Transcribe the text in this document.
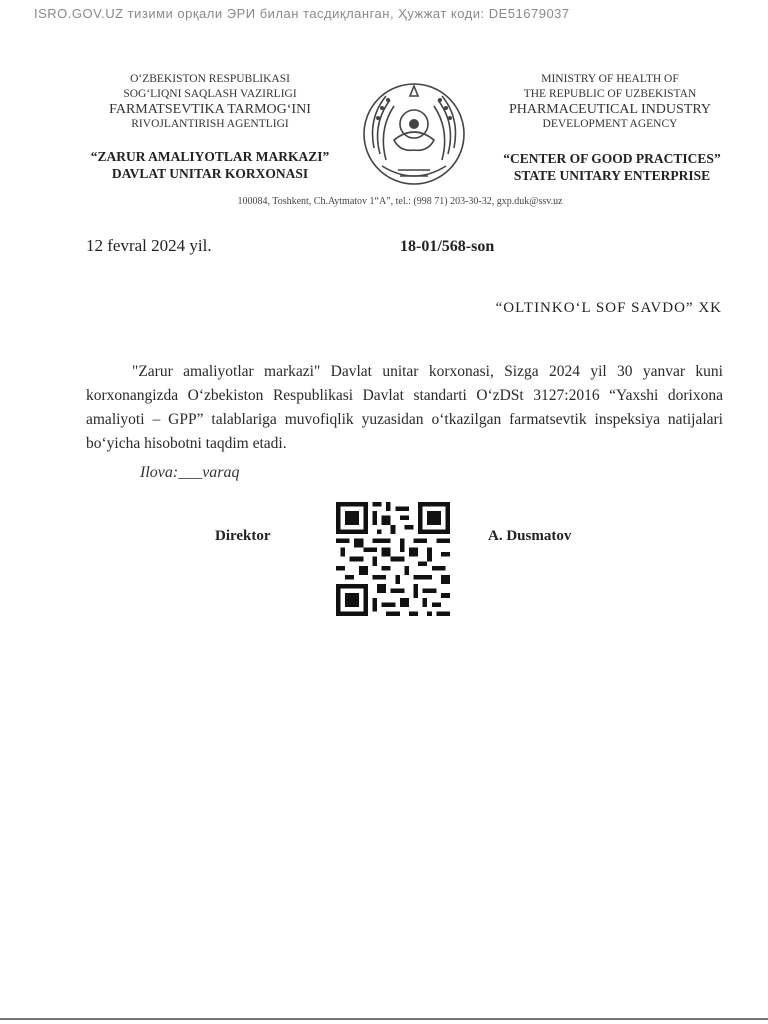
ISRO.GOV.UZ тизими орқали ЭРИ билан тасдиқланган, Ҳужжат коди: DE51679037
O‘ZBEKISTON RESPUBLIKASI
SOG‘LIQNI SAQLASH VAZIRLIGI
FARMATSEVTIKA TARMOG‘INI
RIVOJLANTIRISH AGENTLIGI
MINISTRY OF HEALTH OF
THE REPUBLIC OF UZBEKISTAN
PHARMACEUTICAL INDUSTRY
DEVELOPMENT AGENCY
“ZARUR AMALIYOTLAR MARKAZI”
DAVLAT UNITAR KORXONASI
“CENTER OF GOOD PRACTICES”
STATE UNITARY ENTERPRISE
100084, Toshkent, Ch.Aytmatov 1“A”, tel.: (998 71) 203-30-32, gxp.duk@ssv.uz
12 fevral 2024 yil.	18-01/568-son
“OLTINKO‘L SOF SAVDO” XK
"Zarur amaliyotlar markazi" Davlat unitar korxonasi, Sizga 2024 yil 30 yanvar kuni korxonangizda O‘zbekiston Respublikasi Davlat standarti O‘zDSt 3127:2016 “Yaxshi dorixona amaliyoti – GPP” talablariga muvofiqlik yuzasidan o‘tkazilgan farmatsevtik inspeksiya natijalari bo‘yicha hisobotni taqdim etadi.
Ilova:___varaq
Direktor	A. Dusmatov
